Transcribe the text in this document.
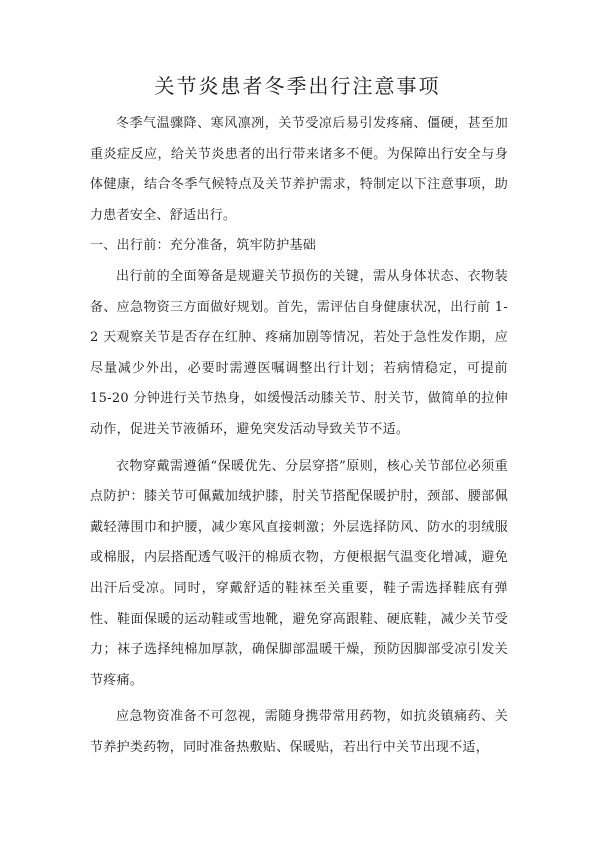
关节炎患者冬季出行注意事项

冬季气温骤降、寒风凛冽，关节受凉后易引发疼痛、僵硬，甚至加重炎症反应，给关节炎患者的出行带来诸多不便。为保障出行安全与身体健康，结合冬季气候特点及关节养护需求，特制定以下注意事项，助力患者安全、舒适出行。

一、出行前：充分准备，筑牢防护基础

出行前的全面筹备是规避关节损伤的关键，需从身体状态、衣物装备、应急物资三方面做好规划。首先，需评估自身健康状况，出行前 1-2 天观察关节是否存在红肿、疼痛加剧等情况，若处于急性发作期，应尽量减少外出，必要时需遵医嘱调整出行计划；若病情稳定，可提前 15-20 分钟进行关节热身，如缓慢活动膝关节、肘关节，做简单的拉伸动作，促进关节液循环，避免突发活动导致关节不适。

衣物穿戴需遵循“保暖优先、分层穿搭”原则，核心关节部位必须重点防护：膝关节可佩戴加绒护膝，肘关节搭配保暖护肘，颈部、腰部佩戴轻薄围巾和护腰，减少寒风直接刺激；外层选择防风、防水的羽绒服或棉服，内层搭配透气吸汗的棉质衣物，方便根据气温变化增减，避免出汗后受凉。同时，穿戴舒适的鞋袜至关重要，鞋子需选择鞋底有弹性、鞋面保暖的运动鞋或雪地靴，避免穿高跟鞋、硬底鞋，减少关节受力；袜子选择纯棉加厚款，确保脚部温暖干燥，预防因脚部受凉引发关节疼痛。

应急物资准备不可忽视，需随身携带常用药物，如抗炎镇痛药、关节养护类药物，同时准备热敷贴、保暖贴，若出行中关节出现不适，
